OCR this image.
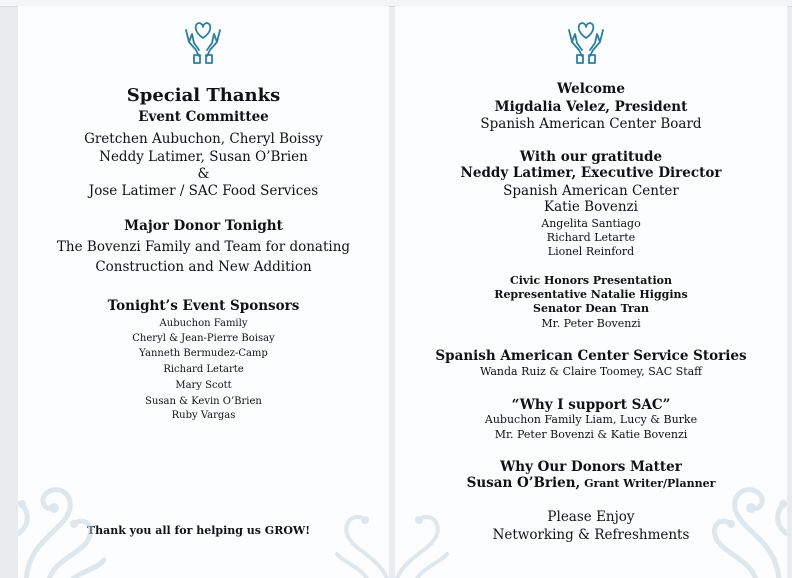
Special Thanks
Event Committee
Gretchen Aubuchon, Cheryl Boissy
Neddy Latimer, Susan O’Brien
&
Jose Latimer / SAC Food Services
Major Donor Tonight
The Bovenzi Family and Team for donating
Construction and New Addition
Tonight’s Event Sponsors
Aubuchon Family
Cheryl & Jean-Pierre Boisay
Yanneth Bermudez-Camp
Richard Letarte
Mary Scott
Susan & Kevin O’Brien
Ruby Vargas
Thank you all for helping us GROW!
Welcome
Migdalia Velez, President
Spanish American Center Board
With our gratitude
Neddy Latimer, Executive Director
Spanish American Center
Katie Bovenzi
Angelita Santiago
Richard Letarte
Lionel Reinford
Civic Honors Presentation
Representative Natalie Higgins
Senator Dean Tran
Mr. Peter Bovenzi
Spanish American Center Service Stories
Wanda Ruiz & Claire Toomey, SAC Staff
“Why I support SAC”
Aubuchon Family Liam, Lucy & Burke
Mr. Peter Bovenzi & Katie Bovenzi
Why Our Donors Matter
Susan O’Brien, Grant Writer/Planner
Please Enjoy
Networking & Refreshments
